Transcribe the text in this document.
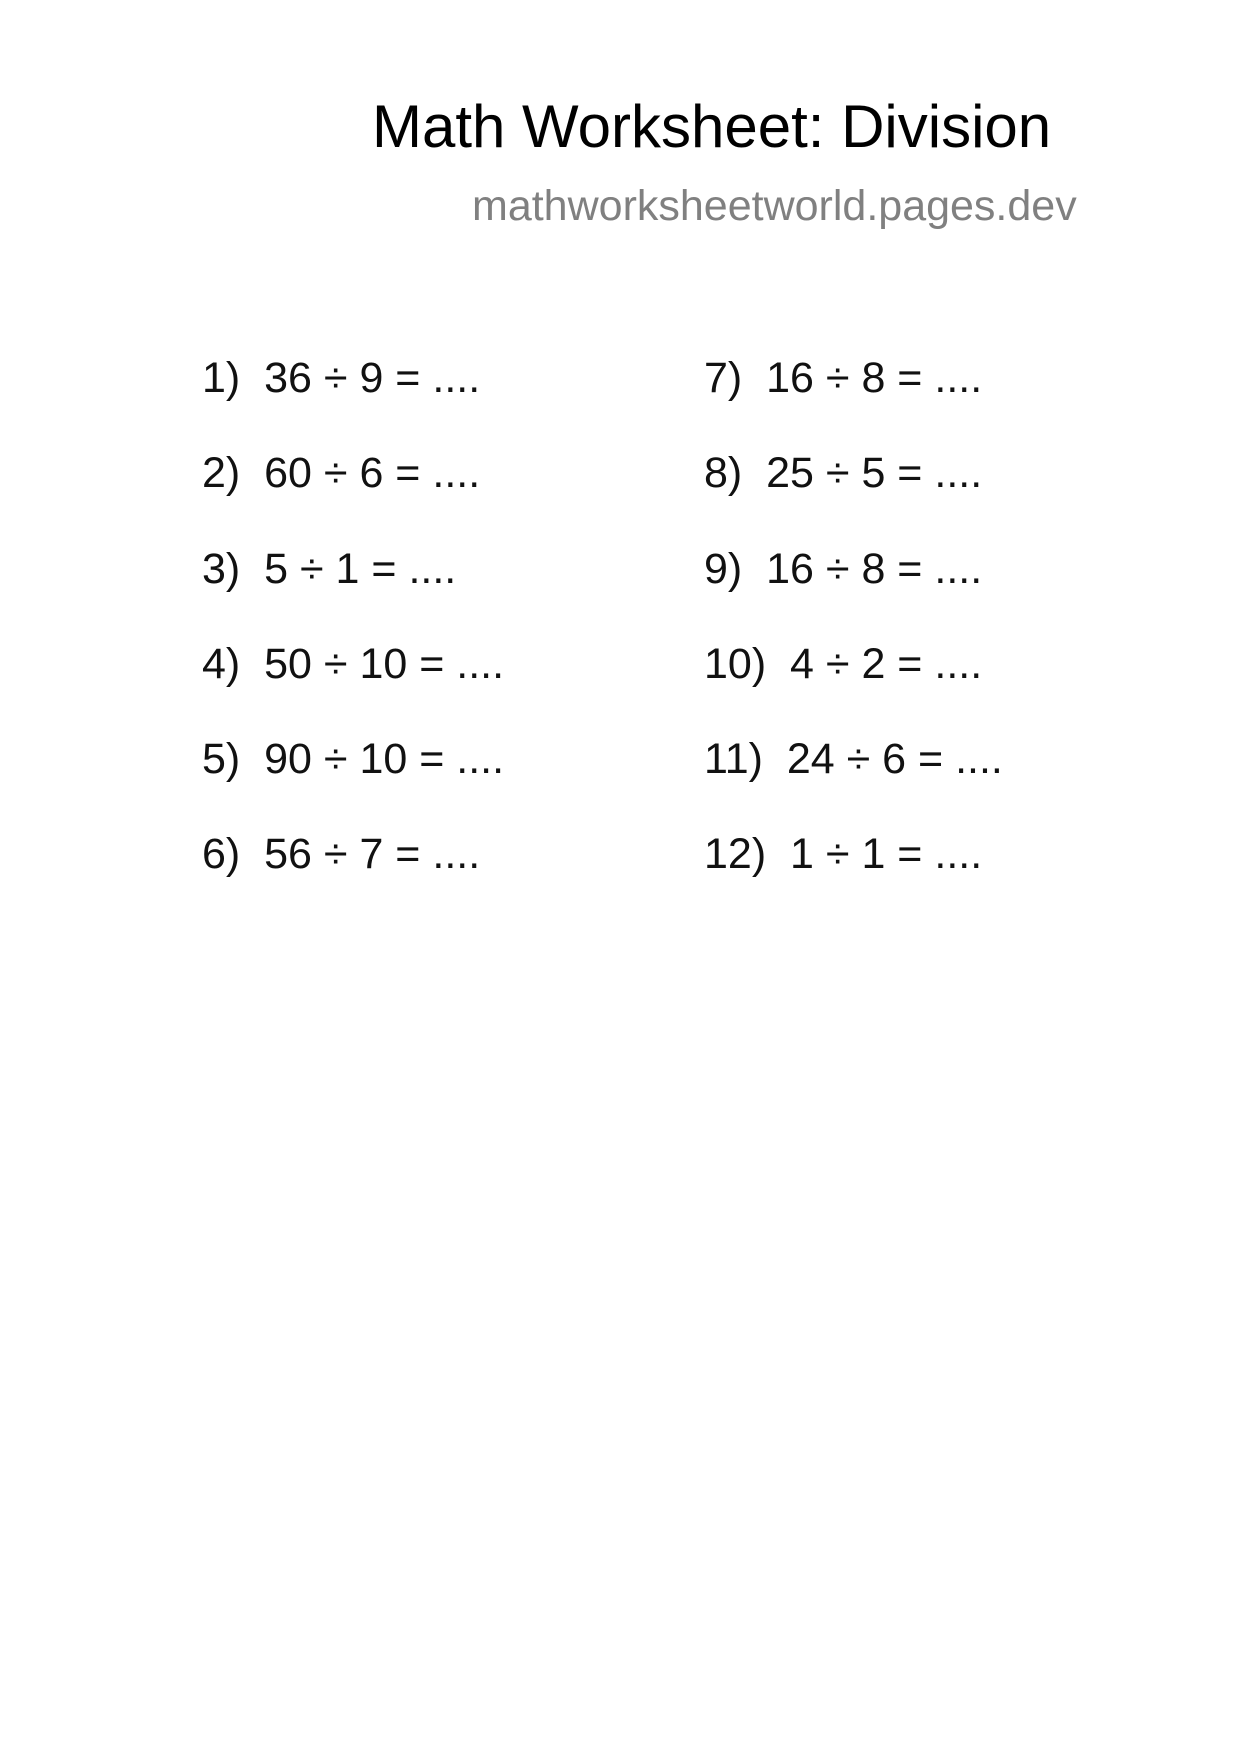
Math Worksheet: Division
mathworksheetworld.pages.dev
1)  36 ÷ 9 = ....
2)  60 ÷ 6 = ....
3)  5 ÷ 1 = ....
4)  50 ÷ 10 = ....
5)  90 ÷ 10 = ....
6)  56 ÷ 7 = ....
7)  16 ÷ 8 = ....
8)  25 ÷ 5 = ....
9)  16 ÷ 8 = ....
10)  4 ÷ 2 = ....
11)  24 ÷ 6 = ....
12)  1 ÷ 1 = ....
